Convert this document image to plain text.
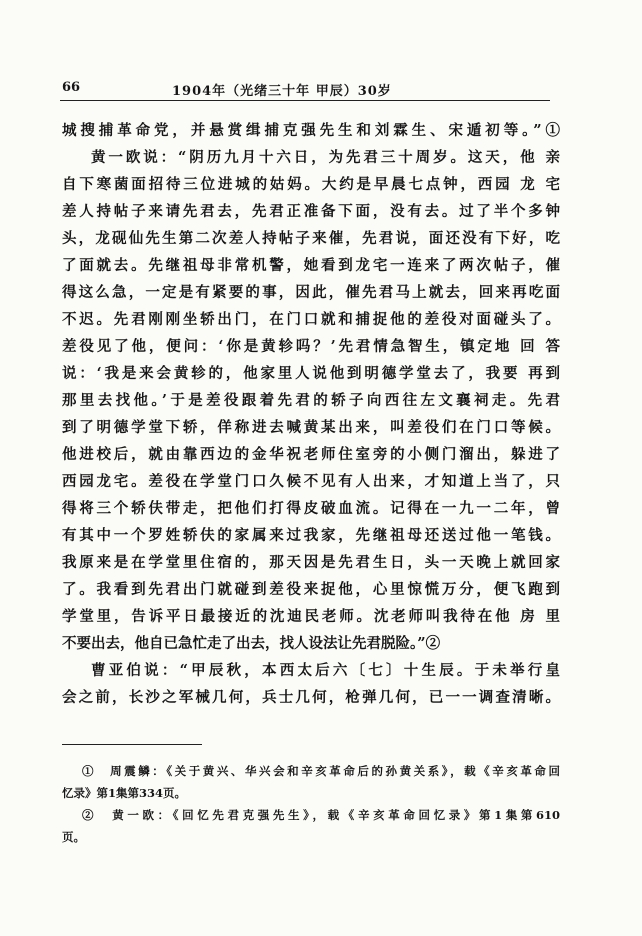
66	1904年（光绪三十年 甲辰）30岁
城搜捕革命党，并悬赏缉捕克强先生和刘霖生、宋遁初等。”①
黄一欧说：“阴历九月十六日，为先君三十周岁。这天，他 亲
自下寒菌面招待三位进城的姑妈。大约是早晨七点钟，西园 龙 宅
差人持帖子来请先君去，先君正准备下面，没有去。过了半个多钟
头，龙砚仙先生第二次差人持帖子来催，先君说，面还没有下好，吃
了面就去。先继祖母非常机警，她看到龙宅一连来了两次帖子，催
得这么急，一定是有紧要的事，因此，催先君马上就去，回来再吃面
不迟。先君刚刚坐轿出门，在门口就和捕捉他的差役对面碰头了。
差役见了他，便问：‘你是黄轸吗？’先君情急智生，镇定地 回 答
说：‘我是来会黄轸的，他家里人说他到明德学堂去了，我要 再到
那里去找他。’于是差役跟着先君的轿子向西往左文襄祠走。先君
到了明德学堂下轿，佯称进去喊黄某出来，叫差役们在门口等候。
他进校后，就由靠西边的金华祝老师住室旁的小侧门溜出，躲进了
西园龙宅。差役在学堂门口久候不见有人出来，才知道上当了，只
得将三个轿伕带走，把他们打得皮破血流。记得在一九一二年，曾
有其中一个罗姓轿伕的家属来过我家，先继祖母还送过他一笔钱。
我原来是在学堂里住宿的，那天因是先君生日，头一天晚上就回家
了。我看到先君出门就碰到差役来捉他，心里惊慌万分，便飞跑到
学堂里，告诉平日最接近的沈迪民老师。沈老师叫我待在他 房 里
不要出去，他自已急忙走了出去，找人设法让先君脱险。”②
曹亚伯说：“甲辰秋，本西太后六〔七〕十生辰。于未举行皇
会之前，长沙之军械几何，兵士几何，枪弹几何，已一一调查清晰。
①　周震鳞：《关于黄兴、华兴会和辛亥革命后的孙黄关系》，载《辛亥革命回
忆录》第1集第334页。
②　黄一欧：《回忆先君克强先生》，载《辛亥革命回忆录》第1集第610
页。
